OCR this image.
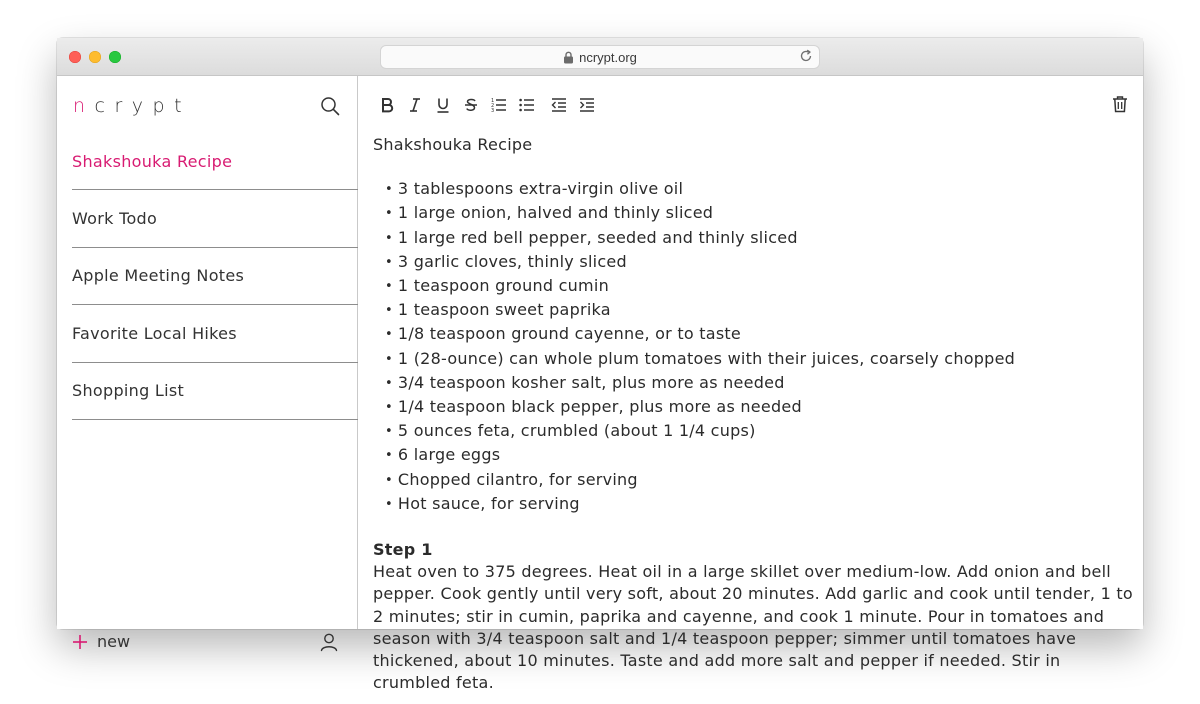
ncrypt.org
ncrypt
Shakshouka Recipe
Work Todo
Apple Meeting Notes
Favorite Local Hikes
Shopping List
new
1
2
3

Shakshouka Recipe

• 3 tablespoons extra-virgin olive oil
• 1 large onion, halved and thinly sliced
• 1 large red bell pepper, seeded and thinly sliced
• 3 garlic cloves, thinly sliced
• 1 teaspoon ground cumin
• 1 teaspoon sweet paprika
• 1/8 teaspoon ground cayenne, or to taste
• 1 (28-ounce) can whole plum tomatoes with their juices, coarsely chopped
• 3/4 teaspoon kosher salt, plus more as needed
• 1/4 teaspoon black pepper, plus more as needed
• 5 ounces feta, crumbled (about 1 1/4 cups)
• 6 large eggs
• Chopped cilantro, for serving
• Hot sauce, for serving

Step 1

Heat oven to 375 degrees. Heat oil in a large skillet over medium-low. Add onion and bell pepper. Cook gently until very soft, about 20 minutes. Add garlic and cook until tender, 1 to 2 minutes; stir in cumin, paprika and cayenne, and cook 1 minute. Pour in tomatoes and season with 3/4 teaspoon salt and 1/4 teaspoon pepper; simmer until tomatoes have thickened, about 10 minutes. Taste and add more salt and pepper if needed. Stir in crumbled feta.
